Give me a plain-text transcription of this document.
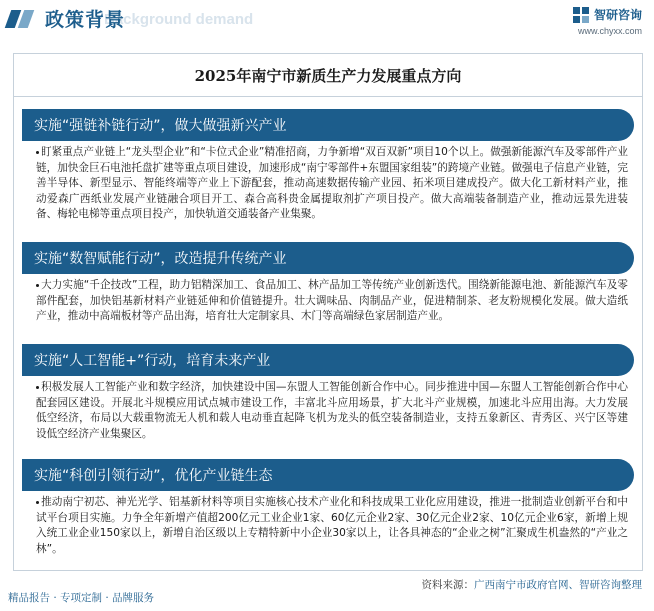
Background demand
政策背景	智研咨询
www.chyxx.com
2025年南宁市新质生产力发展重点方向
实施“强链补链行动”，做大做强新兴产业
盯紧重点产业链上“龙头型企业”和“卡位式企业”精准招商，力争新增“双百双新”项目10个以上。做强新能源汽车及零部件产业链，加快金巨石电池托盘扩建等重点项目建设，加速形成“南宁零部件+东盟国家组装”的跨境产业链。做强电子信息产业链，完善半导体、新型显示、智能终端等产业上下游配套，推动高速数据传输产业园、拓米项目建成投产。做大化工新材料产业，推动爱森广西纸业发展产业链融合项目开工、森合高科贵金属提取剂扩产项目投产。做大高端装备制造产业，推动远景先进装备、梅轮电梯等重点项目投产，加快轨道交通装备产业集聚。
实施“数智赋能行动”，改造提升传统产业
大力实施“千企技改”工程，助力铝精深加工、食品加工、林产品加工等传统产业创新迭代。围绕新能源电池、新能源汽车及零部件配套，加快铝基新材料产业链延伸和价值链提升。壮大调味品、肉制品产业，促进精制茶、老友粉规模化发展。做大造纸产业，推动中高端板材等产品出海，培育壮大定制家具、木门等高端绿色家居制造产业。
实施“人工智能+”行动，培育未来产业
积极发展人工智能产业和数字经济，加快建设中国—东盟人工智能创新合作中心。同步推进中国—东盟人工智能创新合作中心配套园区建设。开展北斗规模应用试点城市建设工作，丰富北斗应用场景，扩大北斗产业规模，加速北斗应用出海。大力发展低空经济，布局以大载重物流无人机和载人电动垂直起降飞机为龙头的低空装备制造业，支持五象新区、青秀区、兴宁区等建设低空经济产业集聚区。
实施“科创引领行动”，优化产业链生态
推动南宁初芯、神光光学、铝基新材料等项目实施核心技术产业化和科技成果工业化应用建设，推进一批制造业创新平台和中试平台项目实施。力争全年新增产值超200亿元工业企业1家、60亿元企业2家、30亿元企业2家、10亿元企业6家，新增上规入统工业企业150家以上，新增自治区级以上专精特新中小企业30家以上，让各具神态的“企业之树”汇聚成生机盎然的“产业之林”。
精品报告 · 专项定制 · 品牌服务
资料来源：广西南宁市政府官网、智研咨询整理
